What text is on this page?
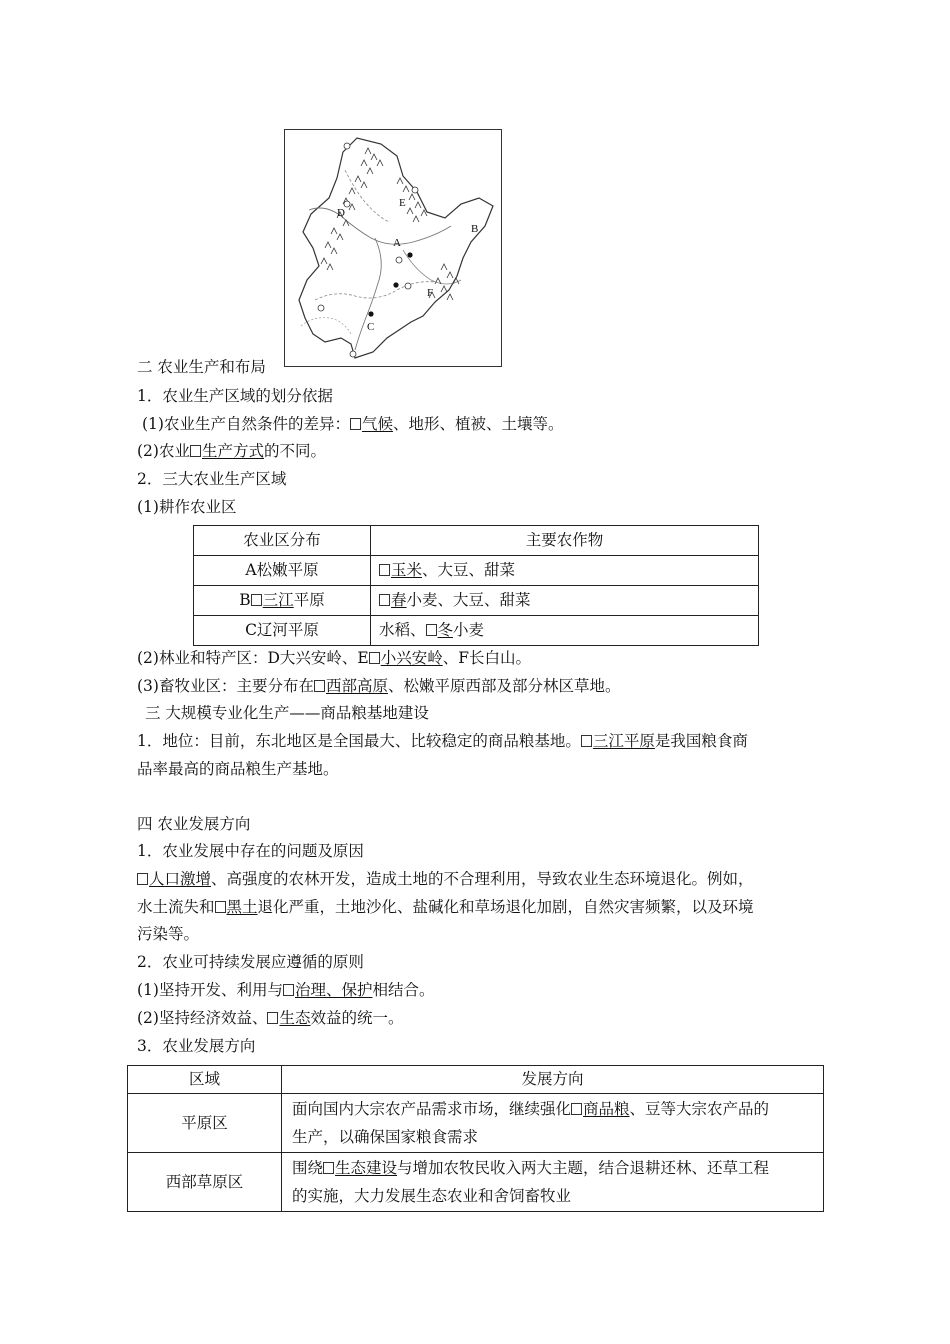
A
B
C
D
E
F
二 农业生产和布局
1．农业生产区域的划分依据
(1)农业生产自然条件的差异： 气候、地形、植被、土壤等。
(2)农业 生产方式的不同。
2．三大农业生产区域
(1)耕作农业区
农业区分布	主要农作物
A松嫩平原	玉米、大豆、甜菜
B 三江平原	春小麦、大豆、甜菜
C辽河平原	水稻、 冬小麦
(2)林业和特产区：D大兴安岭、E 小兴安岭、F长白山。
(3)畜牧业区：主要分布在 西部高原、松嫩平原西部及部分林区草地。
三 大规模专业化生产——商品粮基地建设
1．地位：目前，东北地区是全国最大、比较稳定的商品粮基地。 三江平原是我国粮食商
品率最高的商品粮生产基地。
四 农业发展方向
1．农业发展中存在的问题及原因
人口激增、高强度的农林开发，造成土地的不合理利用，导致农业生态环境退化。例如，
水土流失和 黑土退化严重，土地沙化、盐碱化和草场退化加剧，自然灾害频繁，以及环境
污染等。
2．农业可持续发展应遵循的原则
(1)坚持开发、利用与 治理、保护相结合。
(2)坚持经济效益、 生态效益的统一。
3．农业发展方向
区域	发展方向
平原区	面向国内大宗农产品需求市场，继续强化 商品粮、豆等大宗农产品的
生产，以确保国家粮食需求
西部草原区	围绕 生态建设与增加农牧民收入两大主题，结合退耕还林、还草工程
的实施，大力发展生态农业和舍饲畜牧业
